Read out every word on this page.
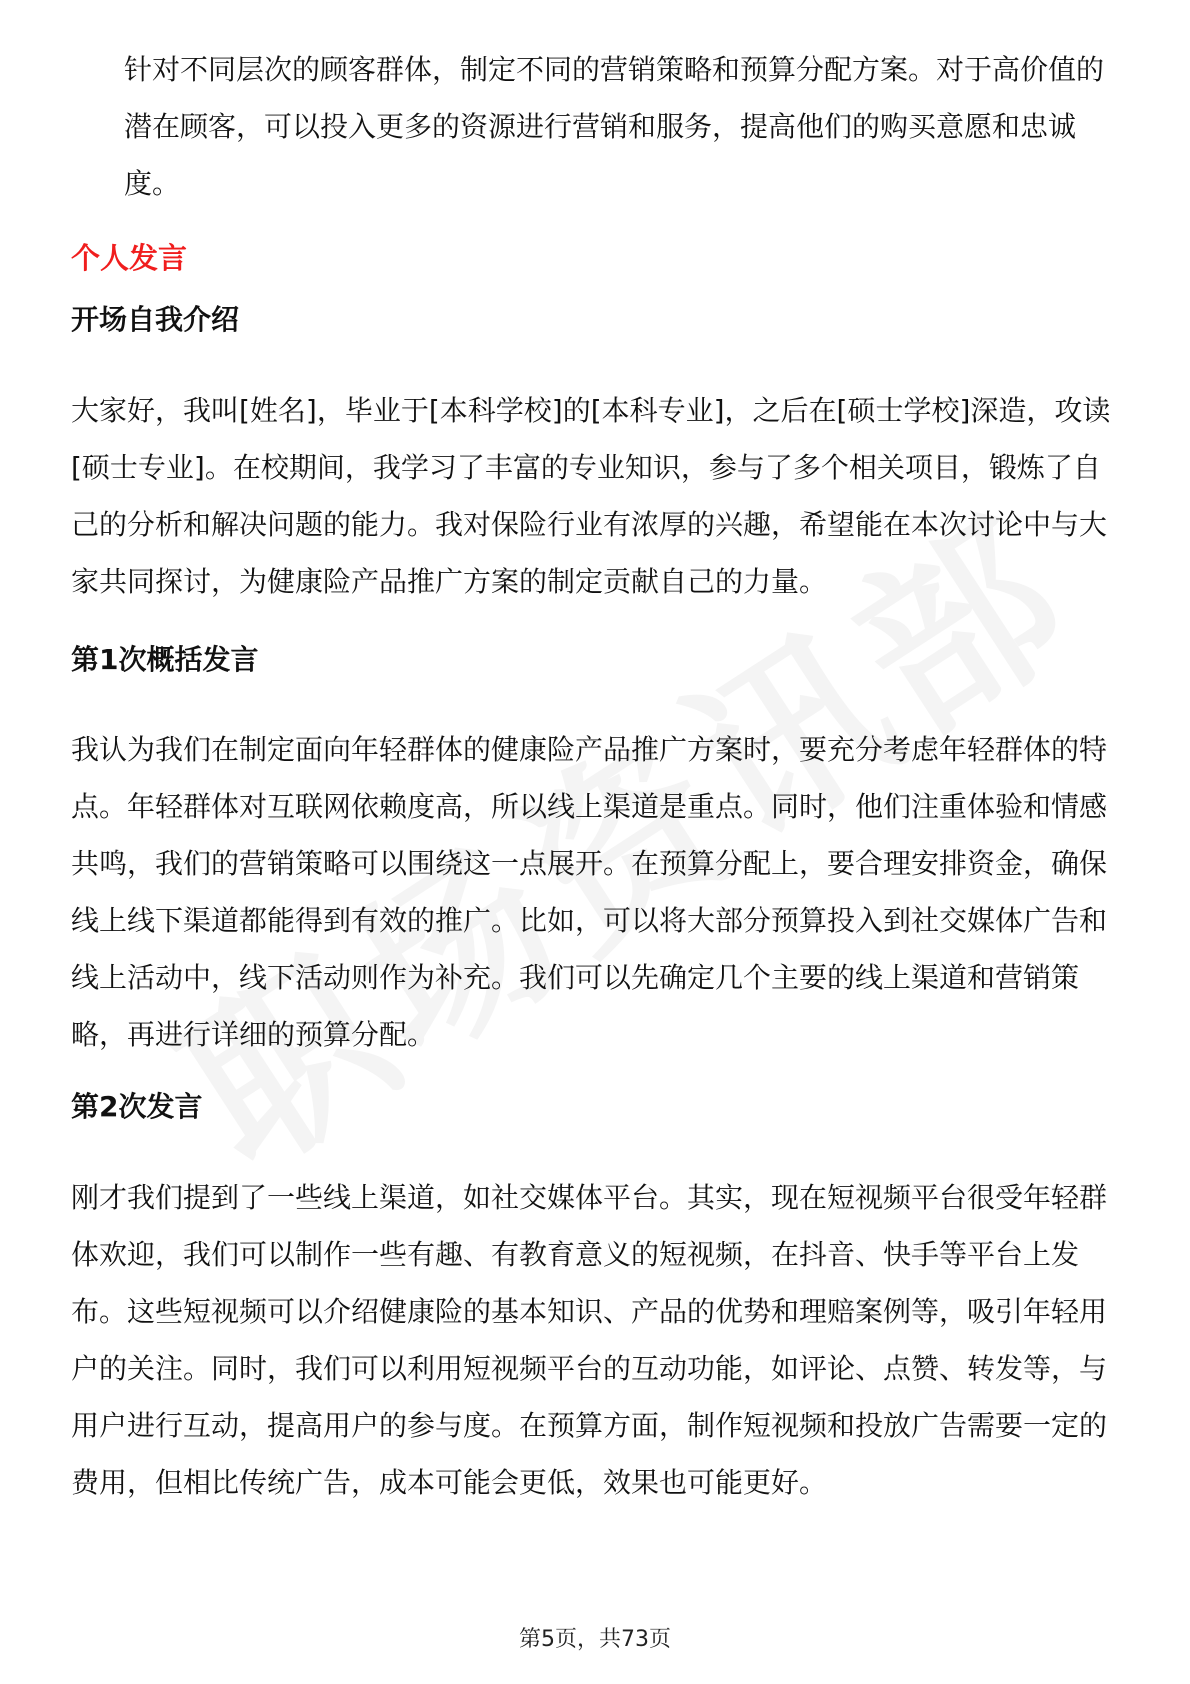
针对不同层次的顾客群体，制定不同的营销策略和预算分配方案。对于高价值的潜在顾客，可以投入更多的资源进行营销和服务，提高他们的购买意愿和忠诚度。

个人发言
开场自我介绍

大家好，我叫[姓名]，毕业于[本科学校]的[本科专业]，之后在[硕士学校]深造，攻读[硕士专业]。在校期间，我学习了丰富的专业知识，参与了多个相关项目，锻炼了自己的分析和解决问题的能力。我对保险行业有浓厚的兴趣，希望能在本次讨论中与大家共同探讨，为健康险产品推广方案的制定贡献自己的力量。

第1次概括发言

我认为我们在制定面向年轻群体的健康险产品推广方案时，要充分考虑年轻群体的特点。年轻群体对互联网依赖度高，所以线上渠道是重点。同时，他们注重体验和情感共鸣，我们的营销策略可以围绕这一点展开。在预算分配上，要合理安排资金，确保线上线下渠道都能得到有效的推广。比如，可以将大部分预算投入到社交媒体广告和线上活动中，线下活动则作为补充。我们可以先确定几个主要的线上渠道和营销策略，再进行详细的预算分配。

第2次发言

刚才我们提到了一些线上渠道，如社交媒体平台。其实，现在短视频平台很受年轻群体欢迎，我们可以制作一些有趣、有教育意义的短视频，在抖音、快手等平台上发布。这些短视频可以介绍健康险的基本知识、产品的优势和理赔案例等，吸引年轻用户的关注。同时，我们可以利用短视频平台的互动功能，如评论、点赞、转发等，与用户进行互动，提高用户的参与度。在预算方面，制作短视频和投放广告需要一定的费用，但相比传统广告，成本可能会更低，效果也可能更好。

第5页，共73页
